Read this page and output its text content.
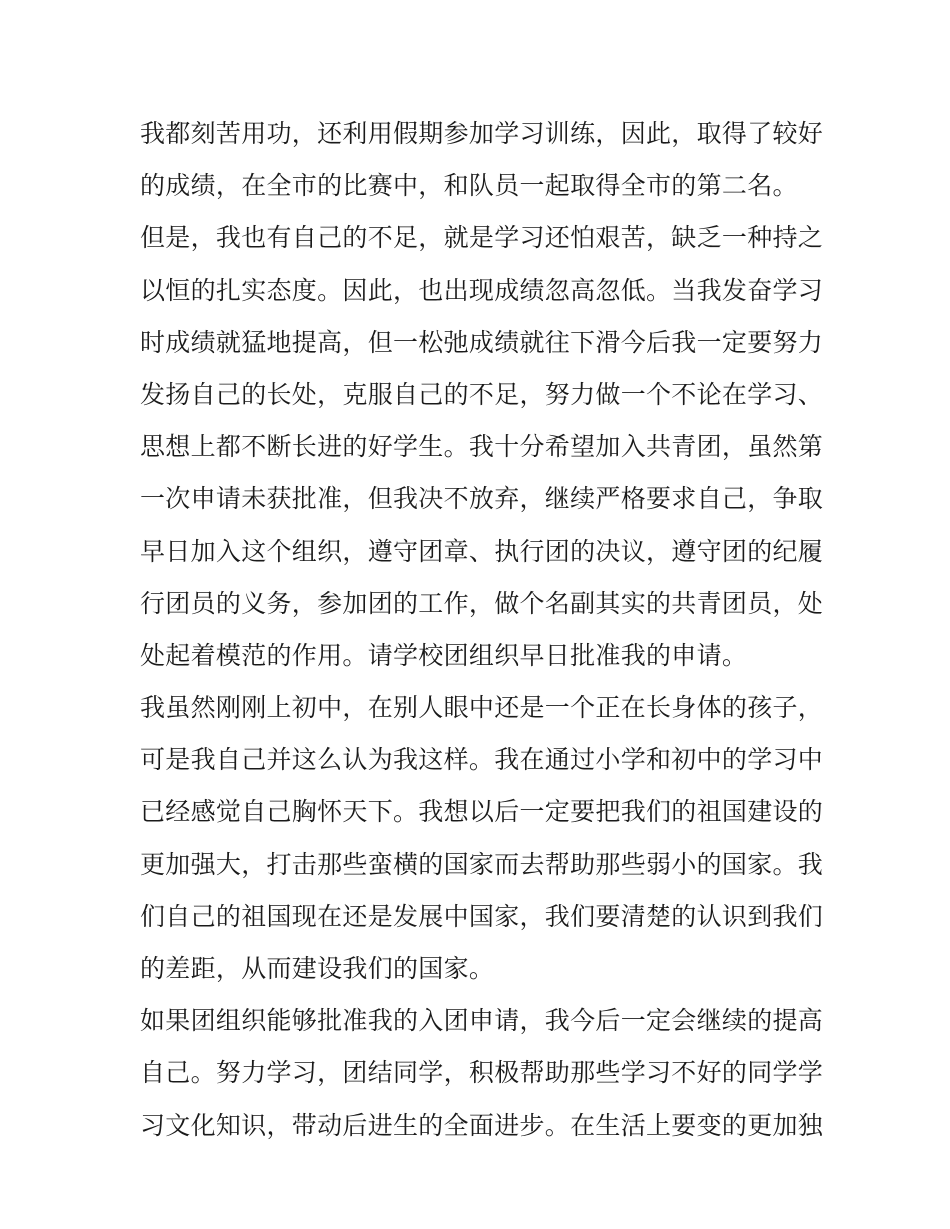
我都刻苦用功，还利用假期参加学习训练，因此，取得了较好
的成绩，在全市的比赛中，和队员一起取得全市的第二名。
但是，我也有自己的不足，就是学习还怕艰苦，缺乏一种持之
以恒的扎实态度。因此，也出现成绩忽高忽低。当我发奋学习
时成绩就猛地提高，但一松弛成绩就往下滑今后我一定要努力
发扬自己的长处，克服自己的不足，努力做一个不论在学习、
思想上都不断长进的好学生。我十分希望加入共青团，虽然第
一次申请未获批准，但我决不放弃，继续严格要求自己，争取
早日加入这个组织，遵守团章、执行团的决议，遵守团的纪履
行团员的义务，参加团的工作，做个名副其实的共青团员，处
处起着模范的作用。请学校团组织早日批准我的申请。
我虽然刚刚上初中，在别人眼中还是一个正在长身体的孩子，
可是我自己并这么认为我这样。我在通过小学和初中的学习中
已经感觉自己胸怀天下。我想以后一定要把我们的祖国建设的
更加强大，打击那些蛮横的国家而去帮助那些弱小的国家。我
们自己的祖国现在还是发展中国家，我们要清楚的认识到我们
的差距，从而建设我们的国家。
如果团组织能够批准我的入团申请，我今后一定会继续的提高
自己。努力学习，团结同学，积极帮助那些学习不好的同学学
习文化知识，带动后进生的全面进步。在生活上要变的更加独
